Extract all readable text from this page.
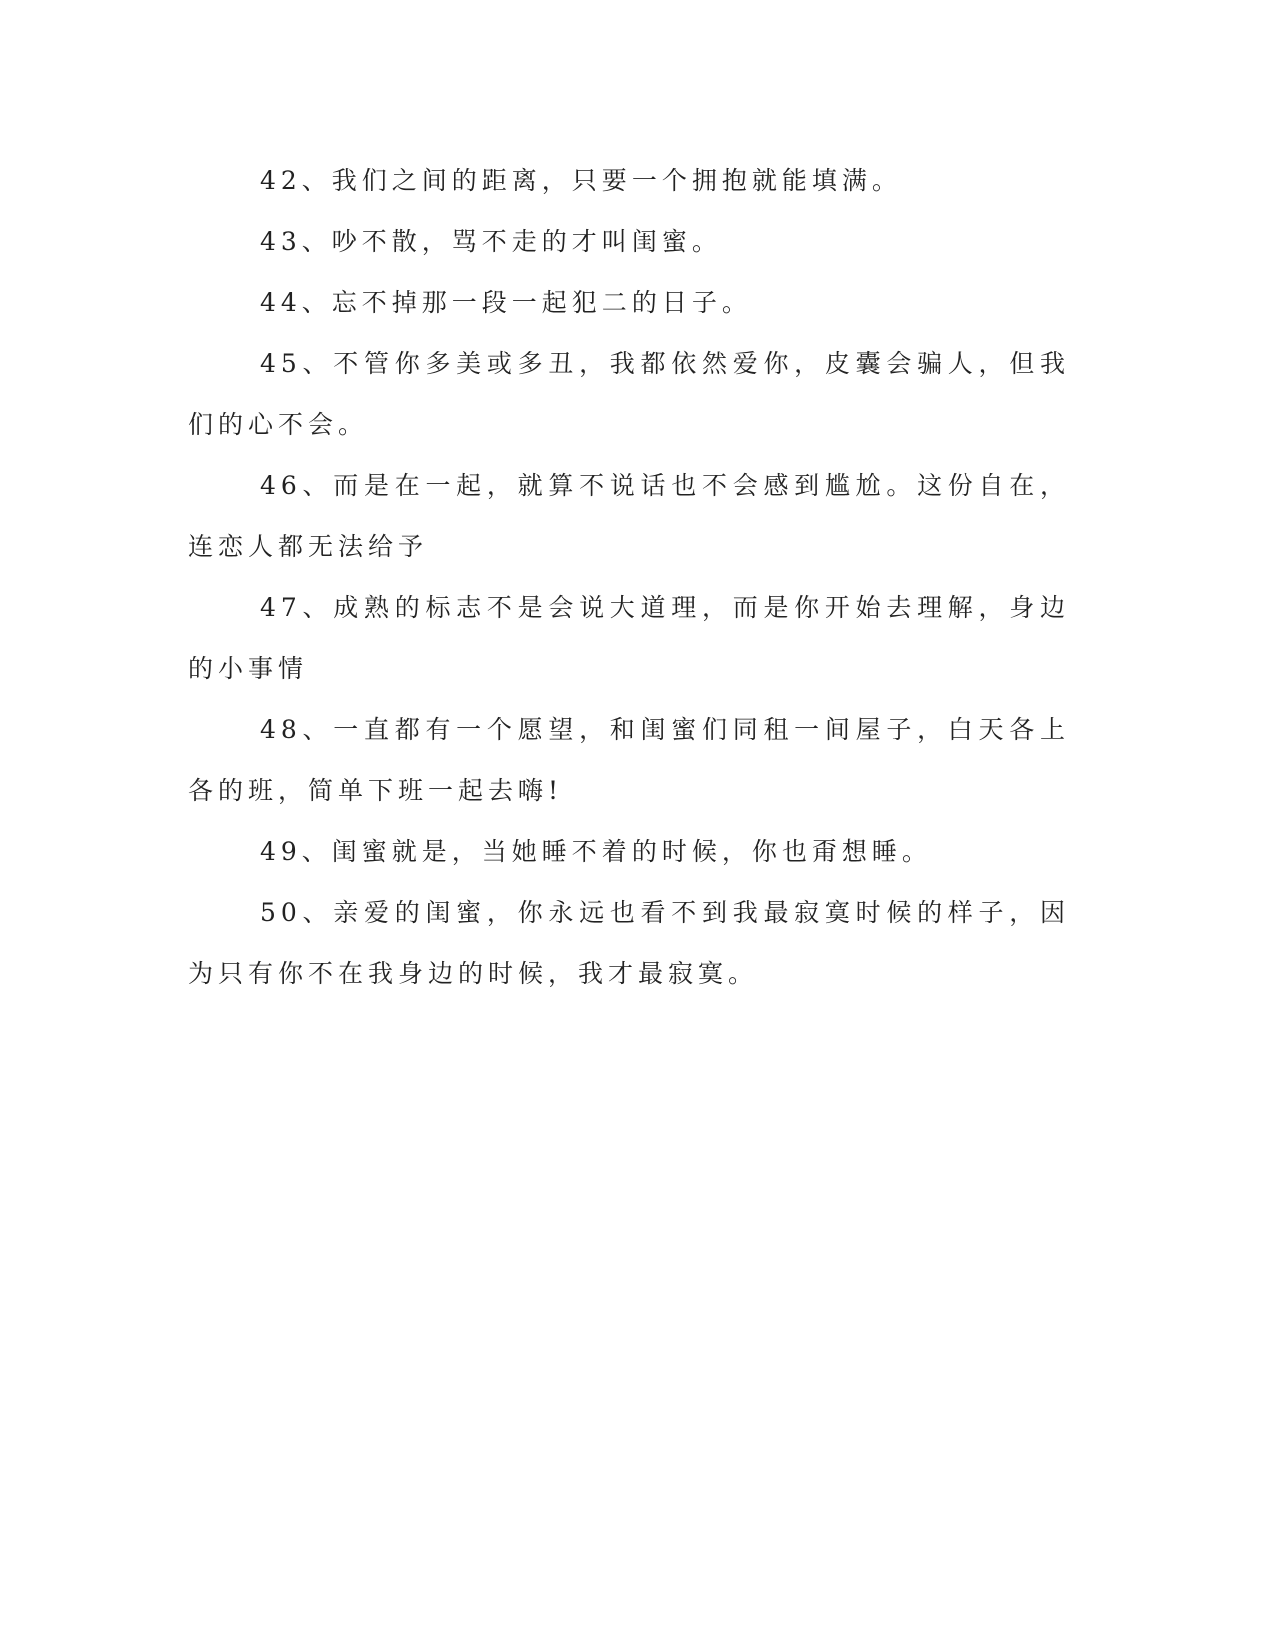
42、我们之间的距离，只要一个拥抱就能填满。

43、吵不散，骂不走的才叫闺蜜。

44、忘不掉那一段一起犯二的日子。

45、不管你多美或多丑，我都依然爱你，皮囊会骗人，但我们的心不会。

46、而是在一起，就算不说话也不会感到尴尬。这份自在，连恋人都无法给予

47、成熟的标志不是会说大道理，而是你开始去理解，身边的小事情

48、一直都有一个愿望，和闺蜜们同租一间屋子，白天各上各的班，简单下班一起去嗨!

49、闺蜜就是，当她睡不着的时候，你也甭想睡。

50、亲爱的闺蜜，你永远也看不到我最寂寞时候的样子，因为只有你不在我身边的时候，我才最寂寞。
